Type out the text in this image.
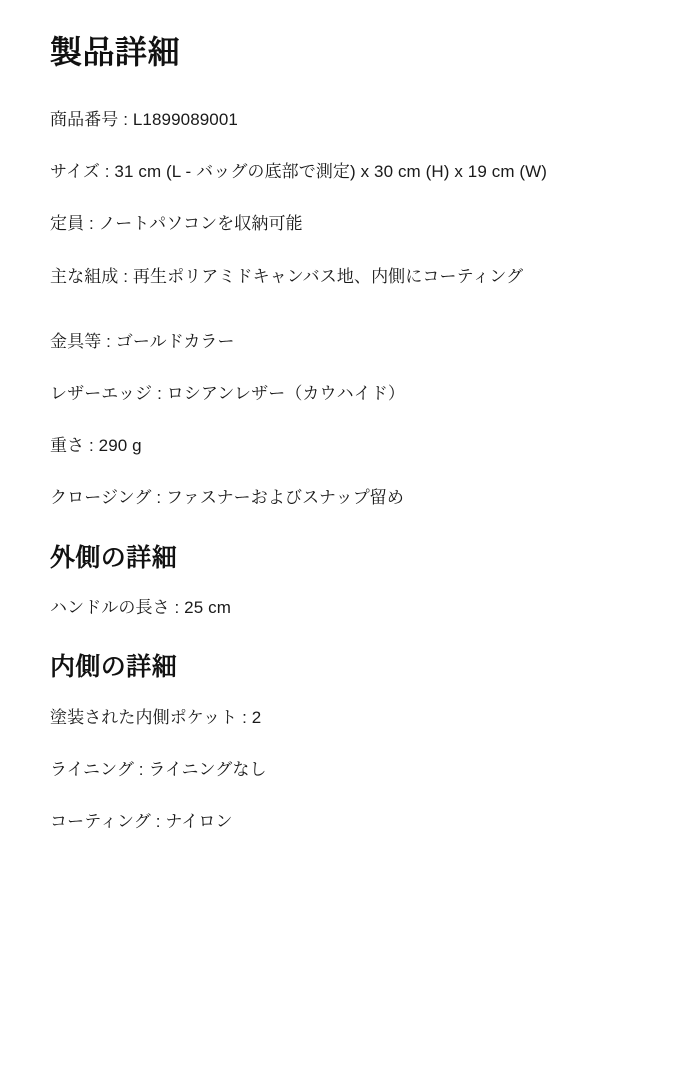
製品詳細

商品番号 : L1899089001

サイズ : 31 cm (L - バッグの底部で測定) x 30 cm (H) x 19 cm (W)

定員 : ノートパソコンを収納可能

主な組成 : 再生ポリアミドキャンバス地、内側にコーティング

金具等 : ゴールドカラー

レザーエッジ : ロシアンレザー（カウハイド）

重さ : 290 g

クロージング : ファスナーおよびスナップ留め

外側の詳細

ハンドルの長さ : 25 cm

内側の詳細

塗装された内側ポケット : 2

ライニング : ライニングなし

コーティング : ナイロン
